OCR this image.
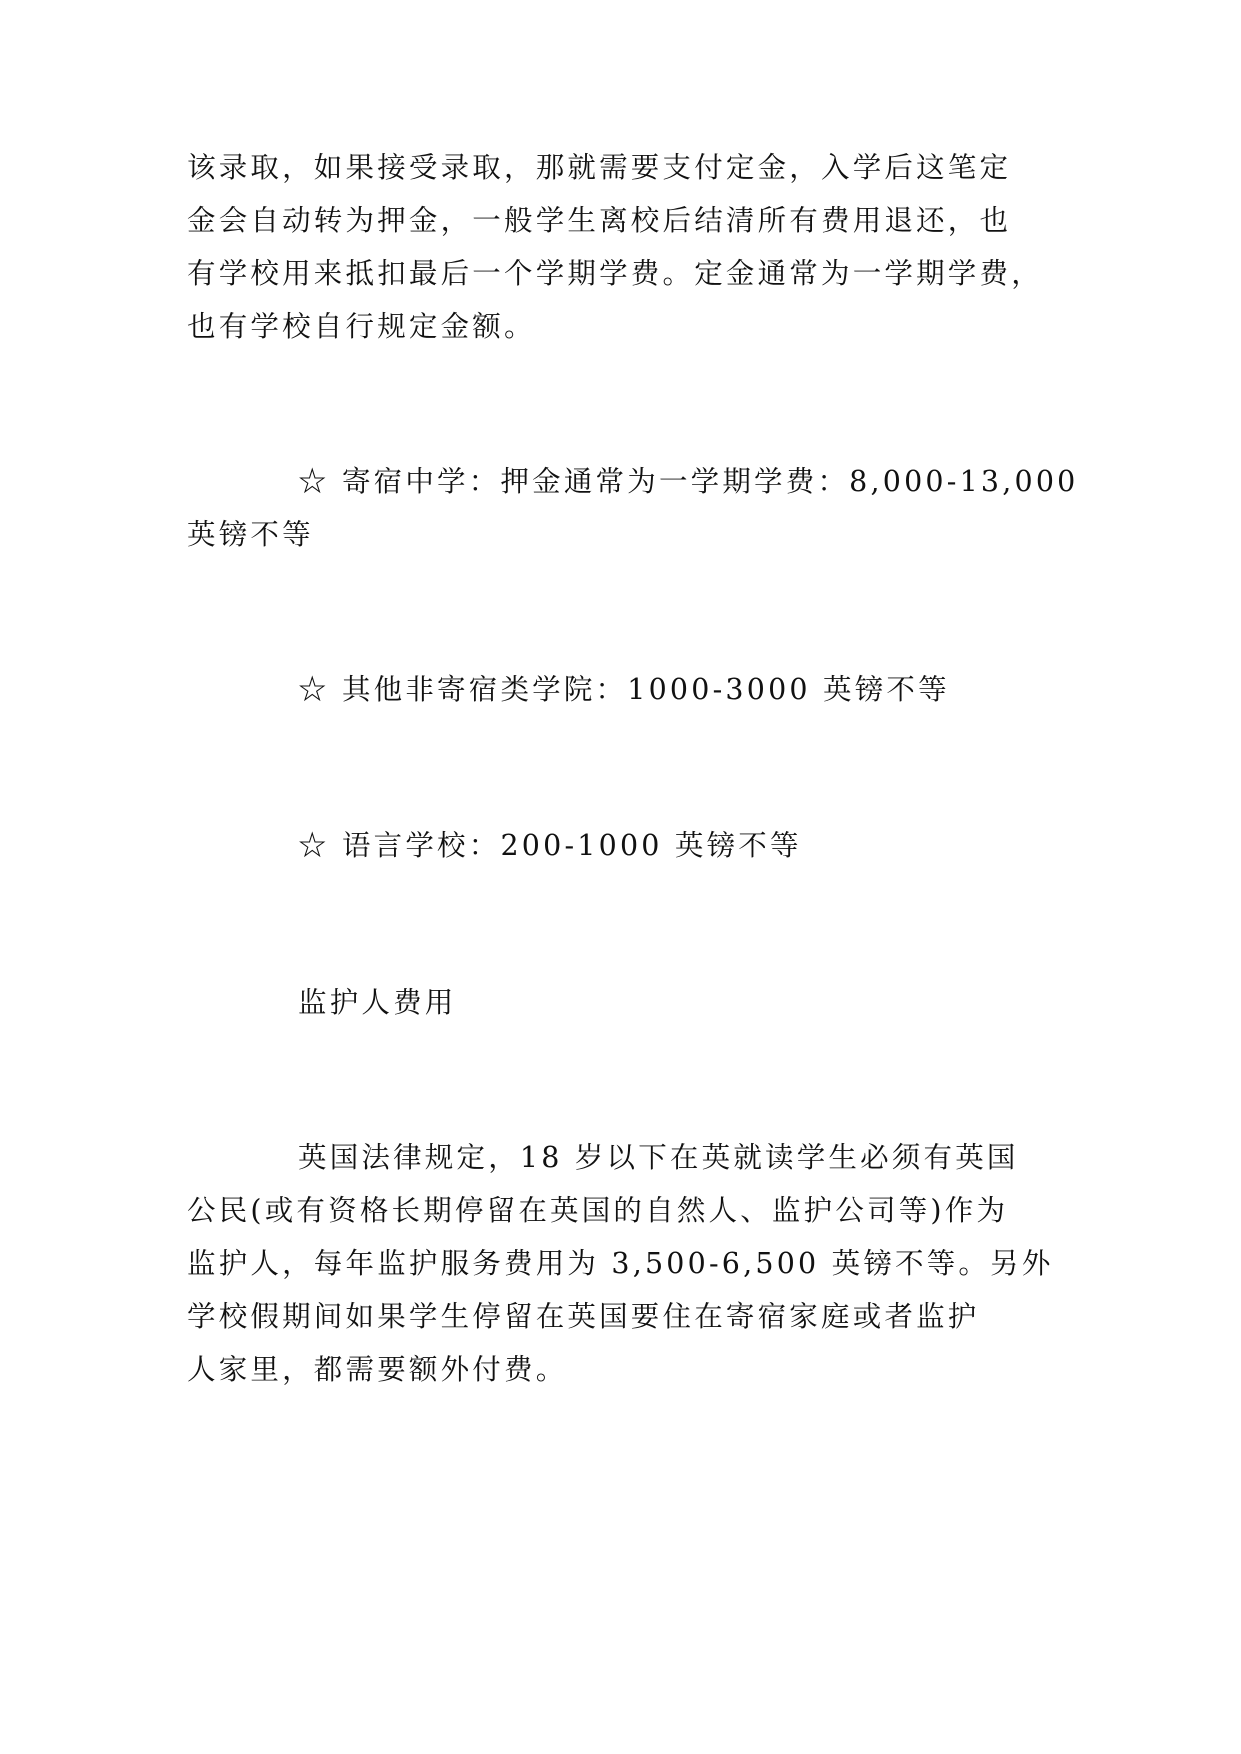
该录取，如果接受录取，那就需要支付定金，入学后这笔定
金会自动转为押金，一般学生离校后结清所有费用退还，也
有学校用来抵扣最后一个学期学费。定金通常为一学期学费，
也有学校自行规定金额。
☆ 寄宿中学：押金通常为一学期学费：8,000-13,000
英镑不等
☆ 其他非寄宿类学院：1000-3000 英镑不等
☆ 语言学校：200-1000 英镑不等
监护人费用
英国法律规定，18 岁以下在英就读学生必须有英国
公民(或有资格长期停留在英国的自然人、监护公司等)作为
监护人，每年监护服务费用为 3,500-6,500 英镑不等。另外
学校假期间如果学生停留在英国要住在寄宿家庭或者监护
人家里，都需要额外付费。
